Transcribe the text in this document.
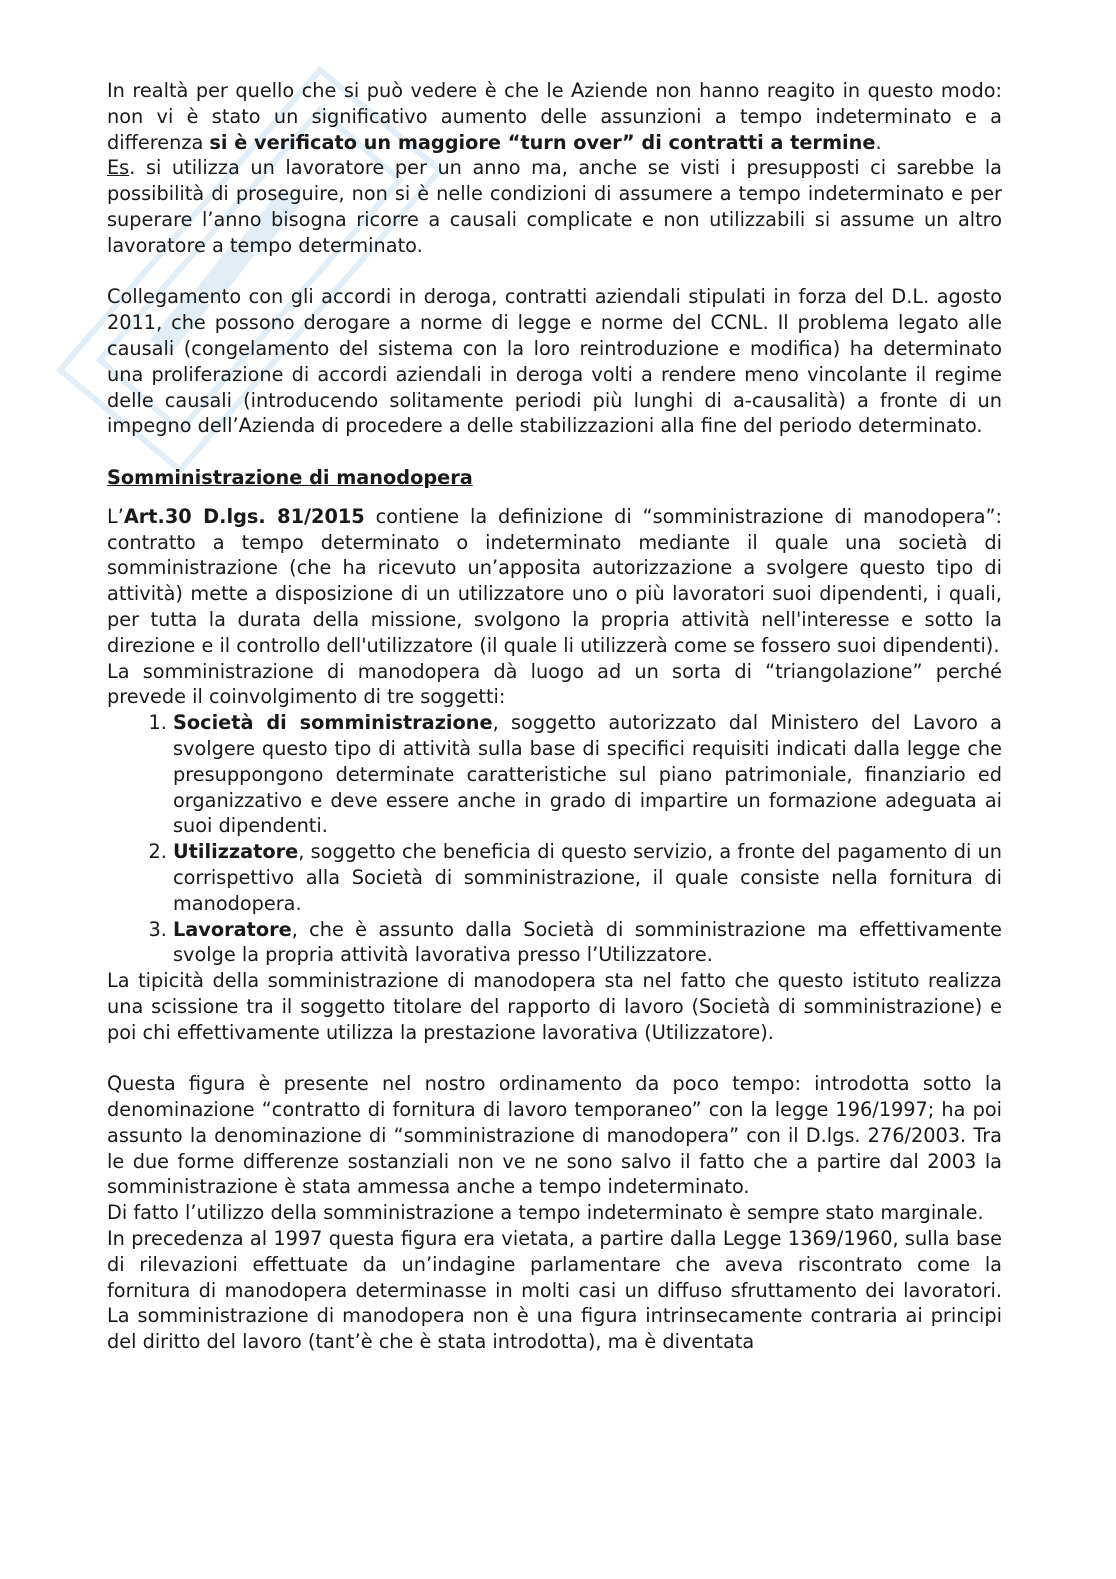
In realtà per quello che si può vedere è che le Aziende non hanno reagito in questo modo: non vi è stato un significativo aumento delle assunzioni a tempo indeterminato e a differenza si è verificato un maggiore “turn over” di contratti a termine.

Es. si utilizza un lavoratore per un anno ma, anche se visti i presupposti ci sarebbe la possibilità di proseguire, non si è nelle condizioni di assumere a tempo indeterminato e per superare l’anno bisogna ricorre a causali complicate e non utilizzabili si assume un altro lavoratore a tempo determinato.

Collegamento con gli accordi in deroga, contratti aziendali stipulati in forza del D.L. agosto 2011, che possono derogare a norme di legge e norme del CCNL. Il problema legato alle causali (congelamento del sistema con la loro reintroduzione e modifica) ha determinato una proliferazione di accordi aziendali in deroga volti a rendere meno vincolante il regime delle causali (introducendo solitamente periodi più lunghi di a-causalità) a fronte di un impegno dell’Azienda di procedere a delle stabilizzazioni alla fine del periodo determinato.

Somministrazione di manodopera

L’Art.30 D.lgs. 81/2015 contiene la definizione di “somministrazione di manodopera”: contratto a tempo determinato o indeterminato mediante il quale una società di somministrazione (che ha ricevuto un’apposita autorizzazione a svolgere questo tipo di attività) mette a disposizione di un utilizzatore uno o più lavoratori suoi dipendenti, i quali, per tutta la durata della missione, svolgono la propria attività nell'interesse e sotto la direzione e il controllo dell'utilizzatore (il quale li utilizzerà come se fossero suoi dipendenti).

La somministrazione di manodopera dà luogo ad un sorta di “triangolazione” perché prevede il coinvolgimento di tre soggetti:

1. Società di somministrazione, soggetto autorizzato dal Ministero del Lavoro a svolgere questo tipo di attività sulla base di specifici requisiti indicati dalla legge che presuppongono determinate caratteristiche sul piano patrimoniale, finanziario ed organizzativo e deve essere anche in grado di impartire un formazione adeguata ai suoi dipendenti.
2. Utilizzatore, soggetto che beneficia di questo servizio, a fronte del pagamento di un corrispettivo alla Società di somministrazione, il quale consiste nella fornitura di manodopera.
3. Lavoratore, che è assunto dalla Società di somministrazione ma effettivamente svolge la propria attività lavorativa presso l’Utilizzatore.

La tipicità della somministrazione di manodopera sta nel fatto che questo istituto realizza una scissione tra il soggetto titolare del rapporto di lavoro (Società di somministrazione) e poi chi effettivamente utilizza la prestazione lavorativa (Utilizzatore).

Questa figura è presente nel nostro ordinamento da poco tempo: introdotta sotto la denominazione “contratto di fornitura di lavoro temporaneo” con la legge 196/1997; ha poi assunto la denominazione di “somministrazione di manodopera” con il D.lgs. 276/2003. Tra le due forme differenze sostanziali non ve ne sono salvo il fatto che a partire dal 2003 la somministrazione è stata ammessa anche a tempo indeterminato.

Di fatto l’utilizzo della somministrazione a tempo indeterminato è sempre stato marginale.

In precedenza al 1997 questa figura era vietata, a partire dalla Legge 1369/1960, sulla base di rilevazioni effettuate da un’indagine parlamentare che aveva riscontrato come la fornitura di manodopera determinasse in molti casi un diffuso sfruttamento dei lavoratori. La somministrazione di manodopera non è una figura intrinsecamente contraria ai principi del diritto del lavoro (tant’è che è stata introdotta), ma è diventata
